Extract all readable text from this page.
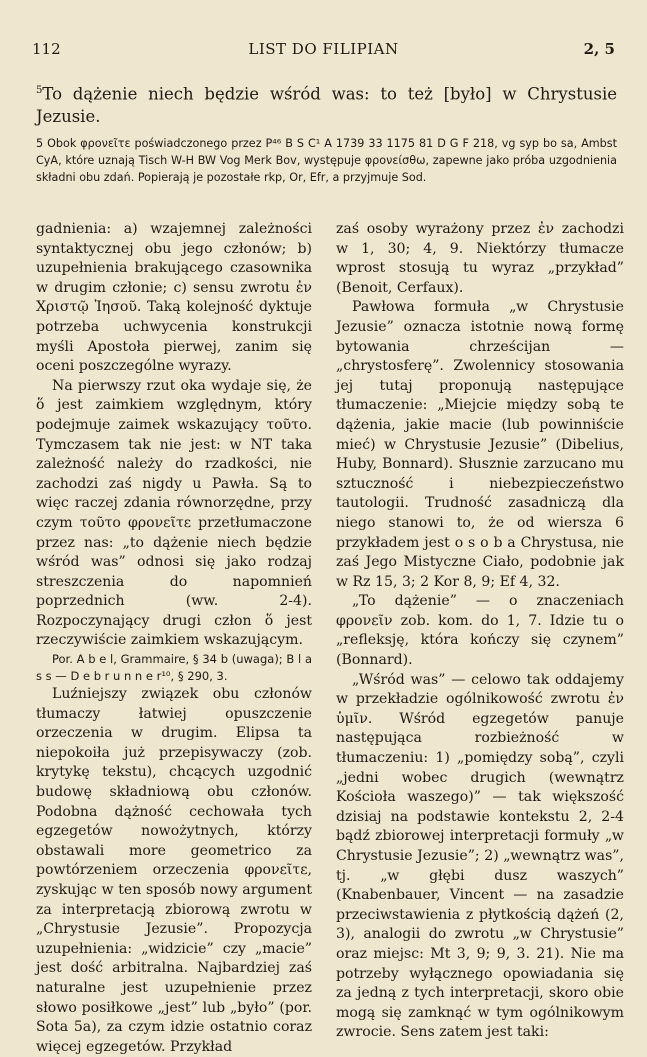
112	LIST DO FILIPIAN	2, 5
$^5$To dążenie niech będzie wśród was: to też [było] w Chrystusie Jezusie.
5 Obok φρονεῖτε poświadczonego przez P⁴⁶ B S C¹ A 1739 33 1175 81 D G F 218, vg syp bo sa, Ambst CyA, które uznają Tisch W-H BW Vog Merk Bov, występuje φρονείσθω, zapewne jako próba uzgodnienia składni obu zdań. Popierają je pozostałe rkp, Or, Efr, a przyjmuje Sod.

gadnienia: a) wzajemnej zależności syntaktycznej obu jego członów; b) uzupełnienia brakującego czasownika w drugim członie; c) sensu zwrotu ἐν Χριστῷ Ἰησοῦ. Taką kolejność dyktuje potrzeba uchwycenia konstrukcji myśli Apostoła pierwej, zanim się oceni poszczególne wyrazy.

Na pierwszy rzut oka wydaje się, że ὅ jest zaimkiem względnym, który podejmuje zaimek wskazujący τοῦτο. Tymczasem tak nie jest: w NT taka zależność należy do rzadkości, nie zachodzi zaś nigdy u Pawła. Są to więc raczej zdania równorzędne, przy czym τοῦτο φρονεῖτε przetłumaczone przez nas: „to dążenie niech będzie wśród was” odnosi się jako rodzaj streszczenia do napomnień poprzednich (ww. 2-4). Rozpoczynający drugi człon ὅ jest rzeczywiście zaimkiem wskazującym.

Por. A b e l, Grammaire, § 34 b (uwaga); B l a s s — D e b r u n n e r¹⁰, § 290, 3.

Luźniejszy związek obu członów tłumaczy łatwiej opuszczenie orzeczenia w drugim. Elipsa ta niepokoiła już przepisywaczy (zob. krytykę tekstu), chcących uzgodnić budowę składniową obu członów. Podobna dążność cechowała tych egzegetów nowożytnych, którzy obstawali more geometrico za powtórzeniem orzeczenia φρονεῖτε, zyskując w ten sposób nowy argument za interpretacją zbiorową zwrotu w „Chrystusie Jezusie”. Propozycja uzupełnienia: „widzicie” czy „macie” jest dość arbitralna. Najbardziej zaś naturalne jest uzupełnienie przez słowo posiłkowe „jest” lub „było” (por. Sota 5a), za czym idzie ostatnio coraz więcej egzegetów. Przykład

zaś osoby wyrażony przez ἐν zachodzi w 1, 30; 4, 9. Niektórzy tłumacze wprost stosują tu wyraz „przykład” (Benoit, Cerfaux).

Pawłowa formuła „w Chrystusie Jezusie” oznacza istotnie nową formę bytowania chrześcijan — „chrystosferę”. Zwolennicy stosowania jej tutaj proponują następujące tłumaczenie: „Miejcie między sobą te dążenia, jakie macie (lub powinniście mieć) w Chrystusie Jezusie” (Dibelius, Huby, Bonnard). Słusznie zarzucano mu sztuczność i niebezpieczeństwo tautologii. Trudność zasadniczą dla niego stanowi to, że od wiersza 6 przykładem jest o s o b a Chrystusa, nie zaś Jego Mistyczne Ciało, podobnie jak w Rz 15, 3; 2 Kor 8, 9; Ef 4, 32.

„To dążenie” — o znaczeniach φρονεῖν zob. kom. do 1, 7. Idzie tu o „refleksję, która kończy się czynem” (Bonnard).

„Wśród was” — celowo tak oddajemy w przekładzie ogólnikowość zwrotu ἐν ὑμῖν. Wśród egzegetów panuje następująca rozbieżność w tłumaczeniu: 1) „pomiędzy sobą”, czyli „jedni wobec drugich (wewnątrz Kościoła waszego)” — tak większość dzisiaj na podstawie kontekstu 2, 2-4 bądź zbiorowej interpretacji formuły „w Chrystusie Jezusie”; 2) „wewnątrz was”, tj. „w głębi dusz waszych” (Knabenbauer, Vincent — na zasadzie przeciwstawienia z płytkością dążeń (2, 3), analogii do zwrotu „w Chrystusie” oraz miejsc: Mt 3, 9; 9, 3. 21). Nie ma potrzeby wyłącznego opowiadania się za jedną z tych interpretacji, skoro obie mogą się zamknąć w tym ogólnikowym zwrocie. Sens zatem jest taki:
